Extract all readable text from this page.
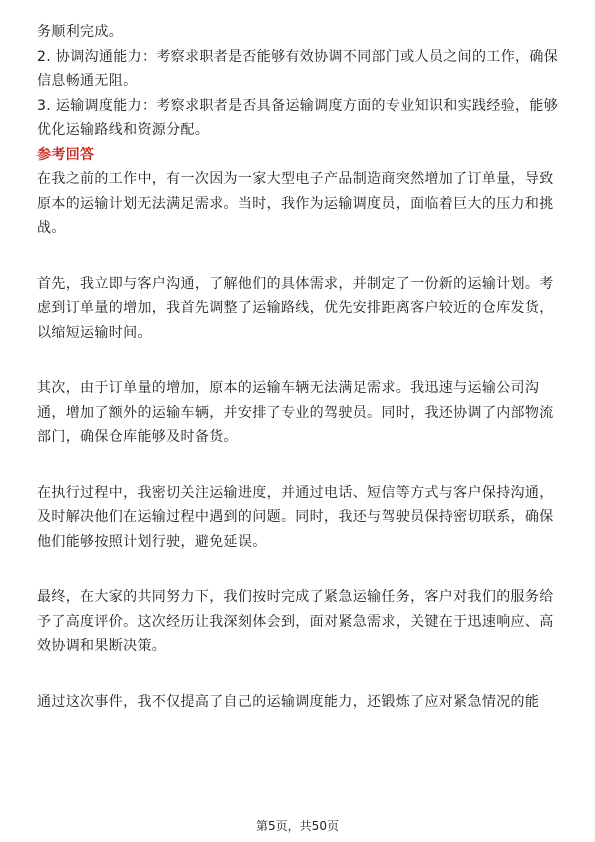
务顺利完成。
2. 协调沟通能力：考察求职者是否能够有效协调不同部门或人员之间的工作，确保
信息畅通无阻。
3. 运输调度能力：考察求职者是否具备运输调度方面的专业知识和实践经验，能够
优化运输路线和资源分配。
参考回答
在我之前的工作中，有一次因为一家大型电子产品制造商突然增加了订单量，导致
原本的运输计划无法满足需求。当时，我作为运输调度员，面临着巨大的压力和挑
战。
首先，我立即与客户沟通，了解他们的具体需求，并制定了一份新的运输计划。考
虑到订单量的增加，我首先调整了运输路线，优先安排距离客户较近的仓库发货，
以缩短运输时间。
其次，由于订单量的增加，原本的运输车辆无法满足需求。我迅速与运输公司沟
通，增加了额外的运输车辆，并安排了专业的驾驶员。同时，我还协调了内部物流
部门，确保仓库能够及时备货。
在执行过程中，我密切关注运输进度，并通过电话、短信等方式与客户保持沟通，
及时解决他们在运输过程中遇到的问题。同时，我还与驾驶员保持密切联系，确保
他们能够按照计划行驶，避免延误。
最终，在大家的共同努力下，我们按时完成了紧急运输任务，客户对我们的服务给
予了高度评价。这次经历让我深刻体会到，面对紧急需求，关键在于迅速响应、高
效协调和果断决策。
通过这次事件，我不仅提高了自己的运输调度能力，还锻炼了应对紧急情况的能
第5页，共50页
